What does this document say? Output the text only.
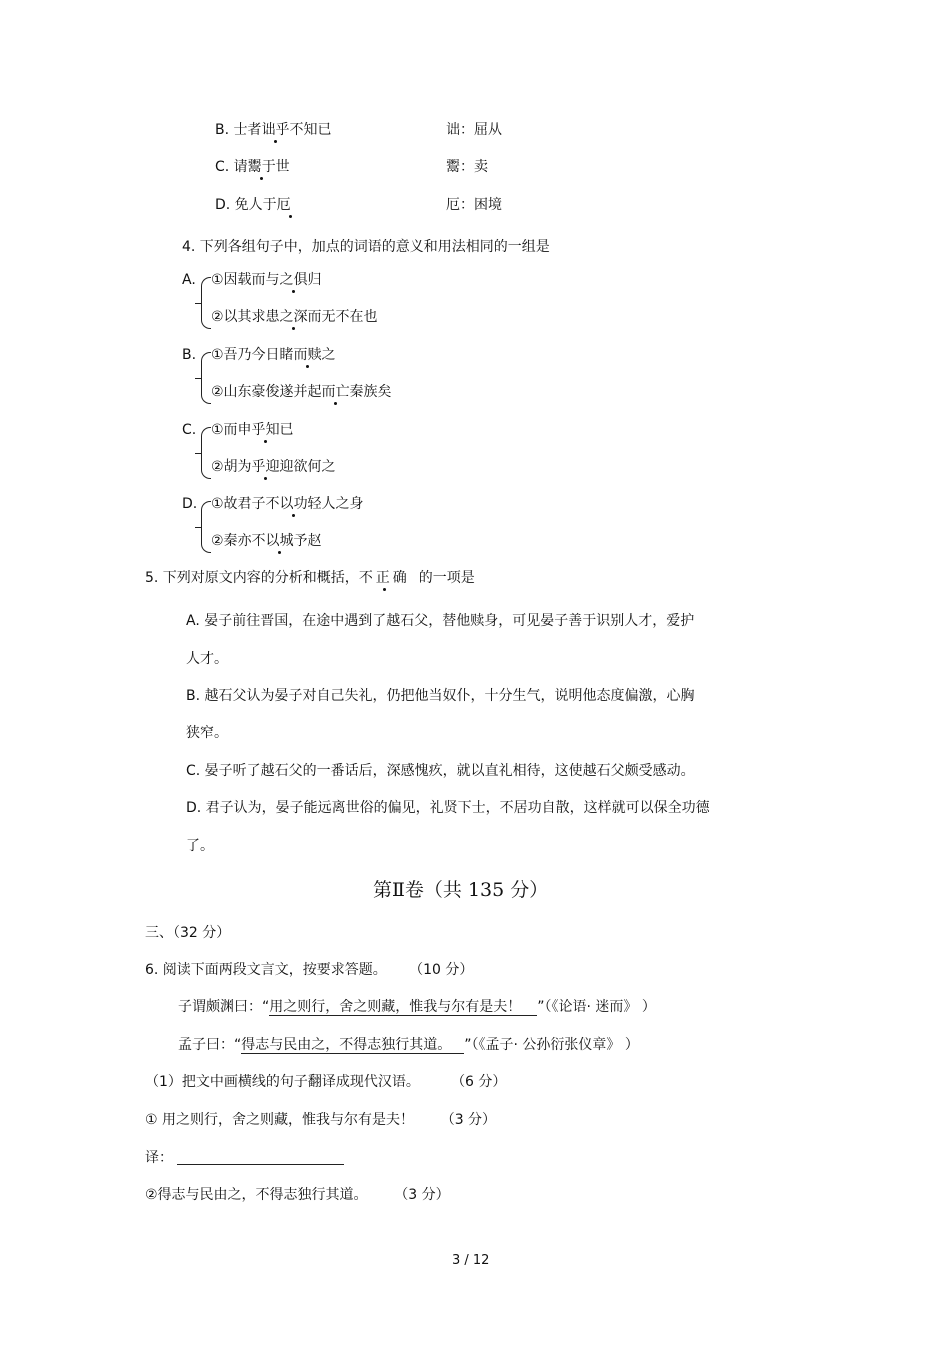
B. 士者诎乎不知已	诎：屈从
C. 请鬻于世	鬻：卖
D. 免人于厄	厄：困境
4. 下列各组句子中，加点的词语的意义和用法相同的一组是
A. ①因载而与之俱归
②以其求患之深而无不在也
B. ①吾乃今日睹而赎之
②山东豪俊遂并起而亡秦族矣
C. ①而申乎知已
②胡为乎迎迎欲何之
D. ①故君子不以功轻人之身
②秦亦不以城予赵
5. 下列对原文内容的分析和概括，不正确 的一项是
A. 晏子前往晋国，在途中遇到了越石父，替他赎身，可见晏子善于识别人才，爱护
人才。
B. 越石父认为晏子对自己失礼，仍把他当奴仆，十分生气，说明他态度偏激，心胸
狭窄。
C. 晏子听了越石父的一番话后，深感愧疚，就以直礼相待，这使越石父颇受感动。
D. 君子认为，晏子能远离世俗的偏见，礼贤下士，不居功自散，这样就可以保全功德
了。
第Ⅱ卷（共 135 分）
三、（32 分）
6. 阅读下面两段文言文，按要求答题。 （10 分）
子谓颇渊曰：“用之则行，舍之则藏，惟我与尔有是夫！ ”（《论语· 迷而》 ）
孟子曰：“得志与民由之，不得志独行其道。 ”（《孟子· 公孙衍张仪章》 ）
（1）把文中画横线的句子翻译成现代汉语。 （6 分）
① 用之则行，舍之则藏，惟我与尔有是夫！ （3 分）
译：
②得志与民由之，不得志独行其道。 （3 分）
3 / 12
